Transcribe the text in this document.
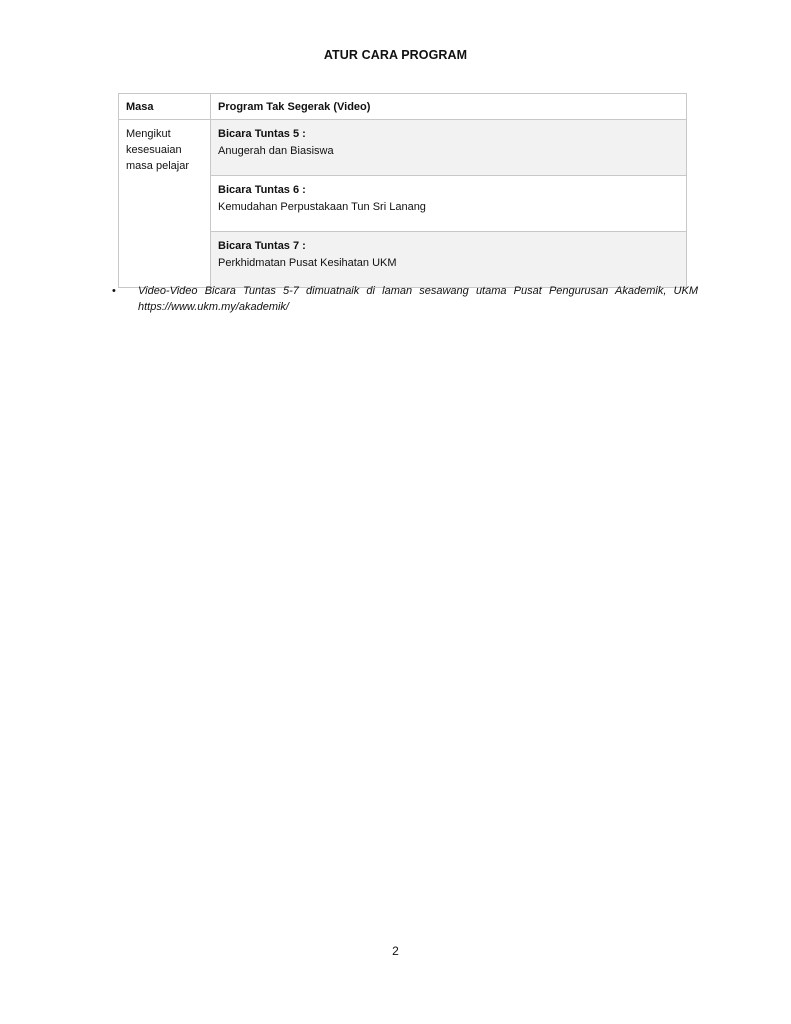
ATUR CARA PROGRAM
Masa	Program Tak Segerak (Video)

Mengikut
kesesuaian
masa pelajar	Bicara Tuntas 5 :
Anugerah dan Biasiswa

	Bicara Tuntas 6 :
Kemudahan Perpustakaan Tun Sri Lanang

	Bicara Tuntas 7 :
Perkhidmatan Pusat Kesihatan UKM
• Video-Video Bicara Tuntas 5-7 dimuatnaik di laman sesawang utama Pusat Pengurusan Akademik, UKM
https://www.ukm.my/akademik/
2
